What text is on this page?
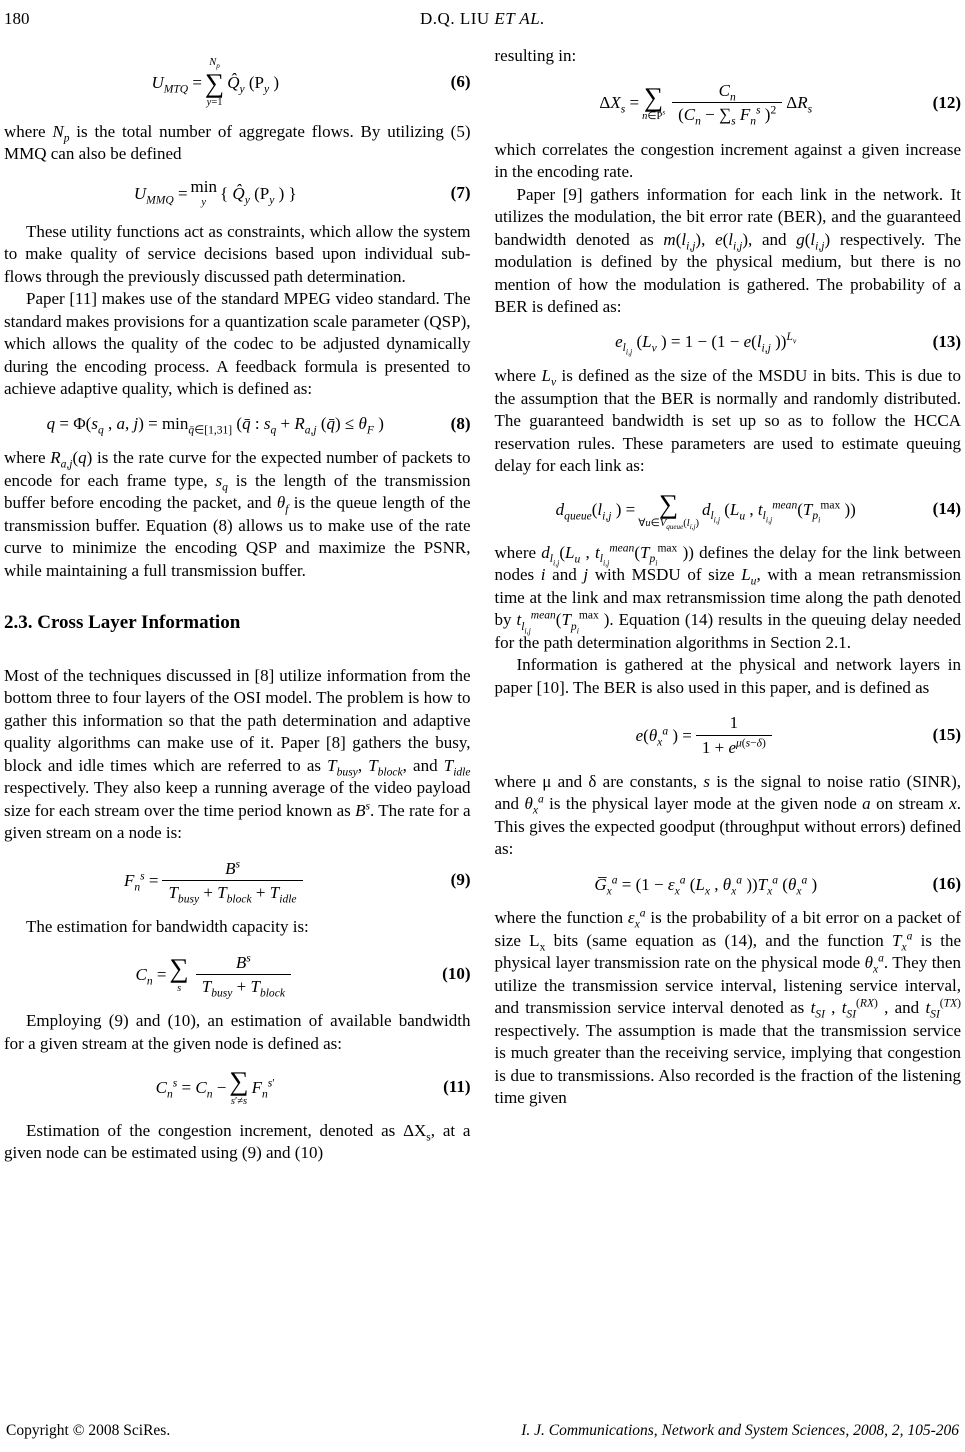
180	D.Q. LIU ET AL.
$U_{MTQ}$ =
$N_p$
∑
y=1
$Q̂_y$ ($P_y$ )	(6)

where $N_p$ is the total number of aggregate flows. By utilizing (5) MMQ can also be defined

$U_{MMQ} = \min$
y { $Q̂_y$ ($P_y$ ) }	(7)

These utility functions act as constraints, which allow the system to make quality of service decisions based upon individual sub-flows through the previously discussed path determination.

Paper [11] makes use of the standard MPEG video standard. The standard makes provisions for a quantization scale parameter (QSP), which allows the quality of the codec to be adjusted dynamically during the encoding process. A feedback formula is presented to achieve adaptive quality, which is defined as:

$q = \Phi(s_q$ , a, $j) = \min_{q̄\in[1,31]}$ (q̄ : $s_q + R_{a,j}$ (q̄) ≤ $\theta_F$ )	(8)

where $R_{a,j}(q)$ is the rate curve for the expected number of packets to encode for each frame type, $s_q$ is the length of the transmission buffer before encoding the packet, and $\theta_f$ is the queue length of the transmission buffer. Equation (8) allows us to make use of the rate curve to minimize the encoding QSP and maximize the PSNR, while maintaining a full transmission buffer.

2.3. Cross Layer Information

Most of the techniques discussed in [8] utilize information from the bottom three to four layers of the OSI model. The problem is how to gather this information so that the path determination and adaptive quality algorithms can make use of it. Paper [8] gathers the busy, block and idle times which are referred to as $T_{busy}$, $T_{block}$, and $T_{idle}$ respectively. They also keep a running average of the video payload size for each stream over the time period known as $B^s$. The rate for a given stream on a node is:

$F_n^s = \frac{B^s}{T_{busy} + T_{block} + T_{idle}}$	(9)

The estimation for bandwidth capacity is:

$C_n$ = ∑
s $\frac{B^s}{T_{busy} + T_{block}}$	(10)

Employing (9) and (10), an estimation of available bandwidth for a given stream at the given node is defined as:

$C_n^s = C_n$ − ∑
s′≠s
$F_n^{s'}$	(11)

Estimation of the congestion increment, denoted as $\Delta X_s$, at a given node can be estimated using (9) and (10)

resulting in:

$\Delta X_s$ = ∑
$n\in P^s \frac{C_n}{(C_n - \sum_s F_n^s )^2} \Delta R_s$	(12)

which correlates the congestion increment against a given increase in the encoding rate.

Paper [9] gathers information for each link in the network. It utilizes the modulation, the bit error rate (BER), and the guaranteed bandwidth denoted as $m(l_{i,j})$, $e(l_{i,j})$, and $g(l_{i,j})$ respectively. The modulation is defined by the physical medium, but there is no mention of how the modulation is gathered. The probability of a BER is defined as:

$e_{l_{i,j}}$ ($L_v$ ) = $1 - (1 - e(l_{i,j}$ ))$^{L_v}$	(13)

where $L_v$ is defined as the size of the MSDU in bits. This is due to the assumption that the BER is normally and randomly distributed. The guaranteed bandwidth is set up so as to follow the HCCA reservation rules. These parameters are used to estimate queuing delay for each link as:

$d_{queue}(l_{i,j}$ ) = ∑
$\forall u\in V_{queue}(l_{i,j})$
$d_{l_{i,j}}$ ($L_u$ , $t_{l_{i,j}}^{mean}(T_{p_i}^{max}$ ))	(14)

where $d_{l_{i,j}}(L_u$ , $t_{l_{i,j}}^{mean}(T_{p_i}^{max}$ )) defines the delay for the link between nodes i and j with MSDU of size $L_u$, with a mean retransmission time at the link and max retransmission time along the path denoted by $t_{l_{i,j}}^{mean}(T_{p_i}^{max}$ ). Equation (14) results in the queuing delay needed for the path determination algorithms in Section 2.1.

Information is gathered at the physical and network layers in paper [10]. The BER is also used in this paper, and is defined as

$e(\theta_x^a$ ) = $\frac{1}{1 + e^{\mu(s-\delta)}}$	(15)

where μ and δ are constants, s is the signal to noise ratio (SINR), and $\theta_x^a$ is the physical layer mode at the given node a on stream x. This gives the expected goodput (throughput without errors) defined as:

$G̅_x^a = (1 - \varepsilon_x^a$ ($L_x$ , $\theta_x^a$ ))$T_x^a$ ($\theta_x^a$ )	(16)

where the function $\varepsilon_x^a$ is the probability of a bit error on a packet of size $L_x$ bits (same equation as (14), and the function $T_x^a$ is the physical layer transmission rate on the physical mode $\theta_x^a$. They then utilize the transmission service interval, listening service interval, and transmission service interval denoted as $t_{SI}$ , $t_{SI}^{(RX)}$ , and $t_{SI}^{(TX)}$ respectively. The assumption is made that the transmission service is much greater than the receiving service, implying that congestion is due to transmissions. Also recorded is the fraction of the listening time given

Copyright © 2008 SciRes.	I. J. Communications, Network and System Sciences, 2008, 2, 105-206
